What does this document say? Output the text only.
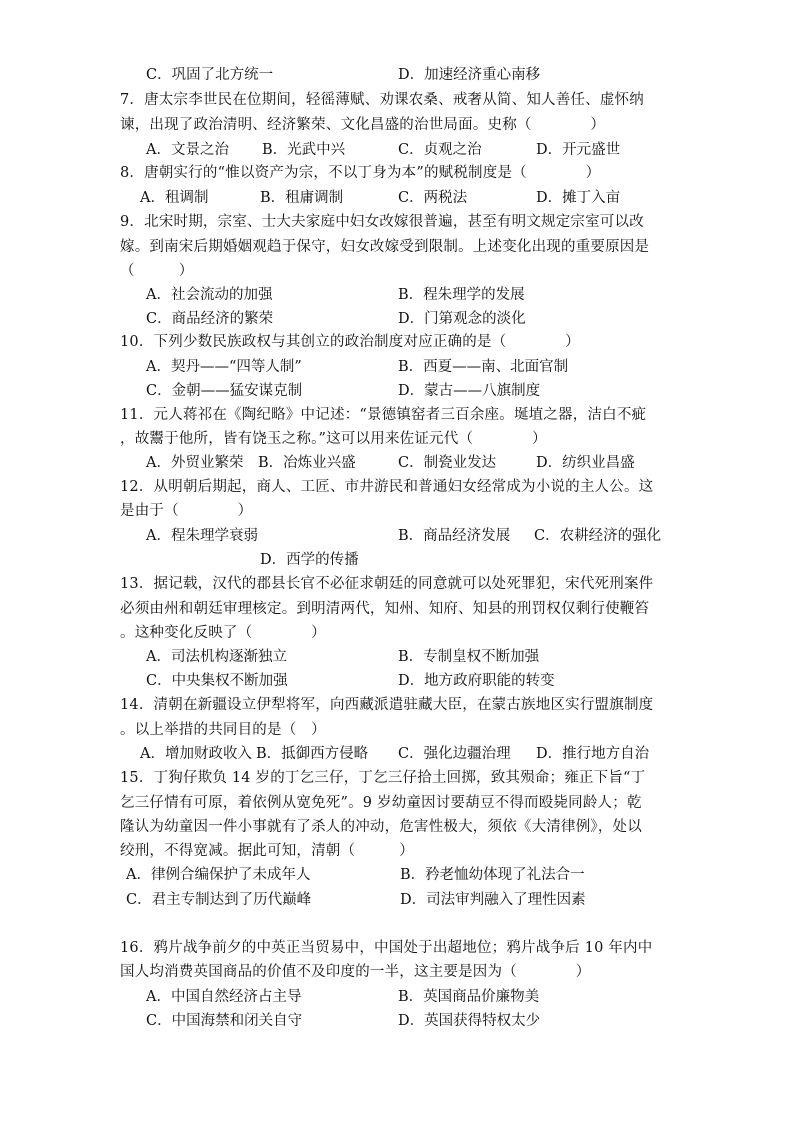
C．巩固了北方统一	D．加速经济重心南移
7．唐太宗李世民在位期间，轻徭薄赋、劝课农桑、戒奢从简、知人善任、虚怀纳
谏，出现了政治清明、经济繁荣、文化昌盛的治世局面。史称（　　　　）
A．文景之治 B．光武中兴	C．贞观之治	D．开元盛世
8．唐朝实行的“惟以资产为宗，不以丁身为本”的赋税制度是（　　　　）
A．租调制	B．租庸调制	C．两税法	D．摊丁入亩
9．北宋时期，宗室、士大夫家庭中妇女改嫁很普遍，甚至有明文规定宗室可以改
嫁。到南宋后期婚姻观趋于保守，妇女改嫁受到限制。上述变化出现的重要原因是
（　　　）
A．社会流动的加强	B．程朱理学的发展
C．商品经济的繁荣	D．门第观念的淡化
10．下列少数民族政权与其创立的政治制度对应正确的是（　　　　）
A．契丹——“四等人制”	B．西夏——南、北面官制
C．金朝——猛安谋克制	D．蒙古——八旗制度
11．元人蒋祁在《陶纪略》中记述：“景德镇窑者三百余座。埏埴之器，洁白不疵
，故鬻于他所，皆有饶玉之称。”这可以用来佐证元代（　　　　）
A．外贸业繁荣 B．冶炼业兴盛	C．制瓷业发达	D．纺织业昌盛
12．从明朝后期起，商人、工匠、市井游民和普通妇女经常成为小说的主人公。这
是由于（　　　　）
A．程朱理学衰弱	B．商品经济发展 C．农耕经济的强化
D．西学的传播
13．据记载，汉代的郡县长官不必征求朝廷的同意就可以处死罪犯，宋代死刑案件
必须由州和朝廷审理核定。到明清两代，知州、知府、知县的刑罚权仅剩行使鞭笞
。这种变化反映了（　　　　）
A．司法机构逐渐独立	B．专制皇权不断加强
C．中央集权不断加强	D．地方政府职能的转变
14．清朝在新疆设立伊犁将军，向西藏派遣驻藏大臣，在蒙古族地区实行盟旗制度
。以上举措的共同目的是（　）
A．增加财政收入 B．抵御西方侵略 C．强化边疆治理 D．推行地方自治
15．丁狗仔欺负 14 岁的丁乞三仔，丁乞三仔拾土回掷，致其殒命；雍正下旨“丁
乞三仔情有可原，着依例从宽免死”。9 岁幼童因讨要葫豆不得而殴毙同龄人；乾
隆认为幼童因一件小事就有了杀人的冲动，危害性极大，须依《大清律例》，处以
绞刑，不得宽减。据此可知，清朝（　　　）
A．律例合编保护了未成年人	B．矜老恤幼体现了礼法合一
C．君主专制达到了历代巅峰	D．司法审判融入了理性因素
16．鸦片战争前夕的中英正当贸易中，中国处于出超地位；鸦片战争后 10 年内中
国人均消费英国商品的价值不及印度的一半，这主要是因为（　　　　）
A．中国自然经济占主导	B．英国商品价廉物美
C．中国海禁和闭关自守	D．英国获得特权太少
